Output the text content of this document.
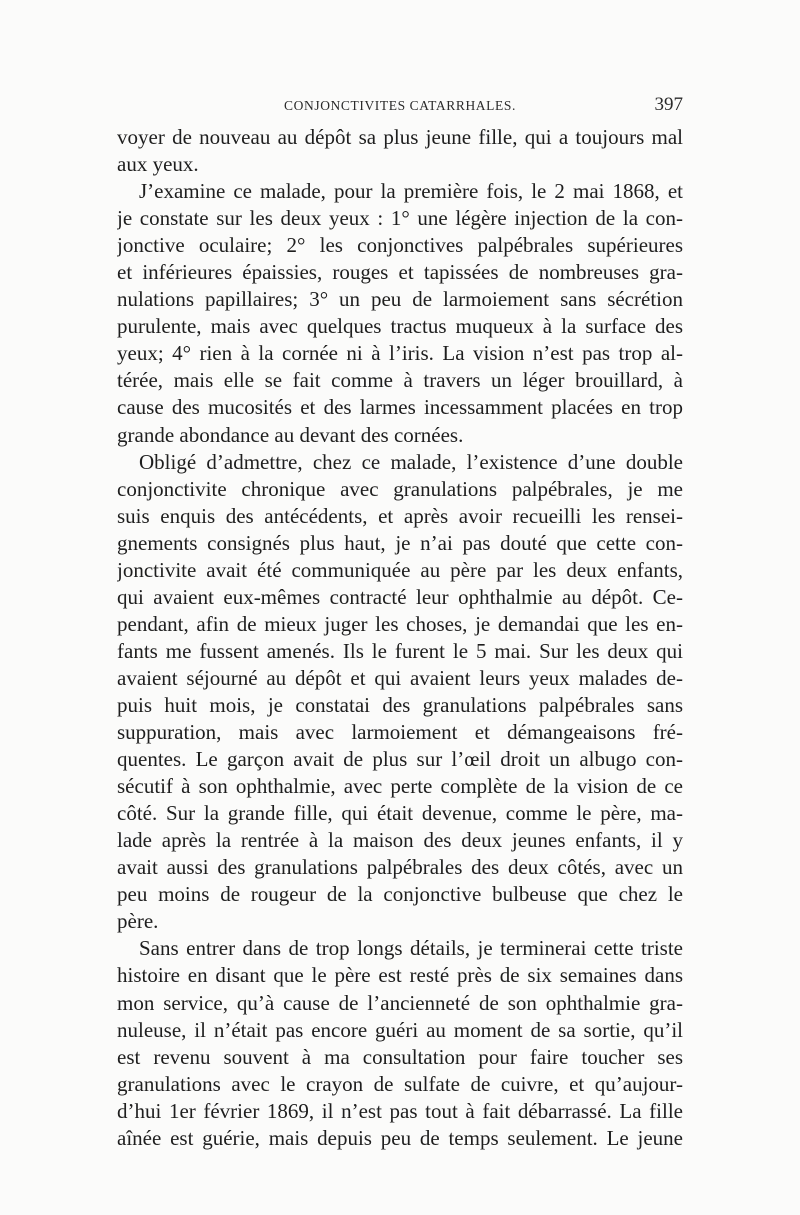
CONJONCTIVITES CATARRHALES.	397
voyer de nouveau au dépôt sa plus jeune fille, qui a toujours mal
aux yeux.
J’examine ce malade, pour la première fois, le 2 mai 1868, et
je constate sur les deux yeux : 1° une légère injection de la con-
jonctive oculaire; 2° les conjonctives palpébrales supérieures
et inférieures épaissies, rouges et tapissées de nombreuses gra-
nulations papillaires; 3° un peu de larmoiement sans sécrétion
purulente, mais avec quelques tractus muqueux à la surface des
yeux; 4° rien à la cornée ni à l’iris. La vision n’est pas trop al-
térée, mais elle se fait comme à travers un léger brouillard, à
cause des mucosités et des larmes incessamment placées en trop
grande abondance au devant des cornées.
Obligé d’admettre, chez ce malade, l’existence d’une double
conjonctivite chronique avec granulations palpébrales, je me
suis enquis des antécédents, et après avoir recueilli les rensei-
gnements consignés plus haut, je n’ai pas douté que cette con-
jonctivite avait été communiquée au père par les deux enfants,
qui avaient eux-mêmes contracté leur ophthalmie au dépôt. Ce-
pendant, afin de mieux juger les choses, je demandai que les en-
fants me fussent amenés. Ils le furent le 5 mai. Sur les deux qui
avaient séjourné au dépôt et qui avaient leurs yeux malades de-
puis huit mois, je constatai des granulations palpébrales sans
suppuration, mais avec larmoiement et démangeaisons fré-
quentes. Le garçon avait de plus sur l’œil droit un albugo con-
sécutif à son ophthalmie, avec perte complète de la vision de ce
côté. Sur la grande fille, qui était devenue, comme le père, ma-
lade après la rentrée à la maison des deux jeunes enfants, il y
avait aussi des granulations palpébrales des deux côtés, avec un
peu moins de rougeur de la conjonctive bulbeuse que chez le
père.
Sans entrer dans de trop longs détails, je terminerai cette triste
histoire en disant que le père est resté près de six semaines dans
mon service, qu’à cause de l’ancienneté de son ophthalmie gra-
nuleuse, il n’était pas encore guéri au moment de sa sortie, qu’il
est revenu souvent à ma consultation pour faire toucher ses
granulations avec le crayon de sulfate de cuivre, et qu’aujour-
d’hui 1er février 1869, il n’est pas tout à fait débarrassé. La fille
aînée est guérie, mais depuis peu de temps seulement. Le jeune
